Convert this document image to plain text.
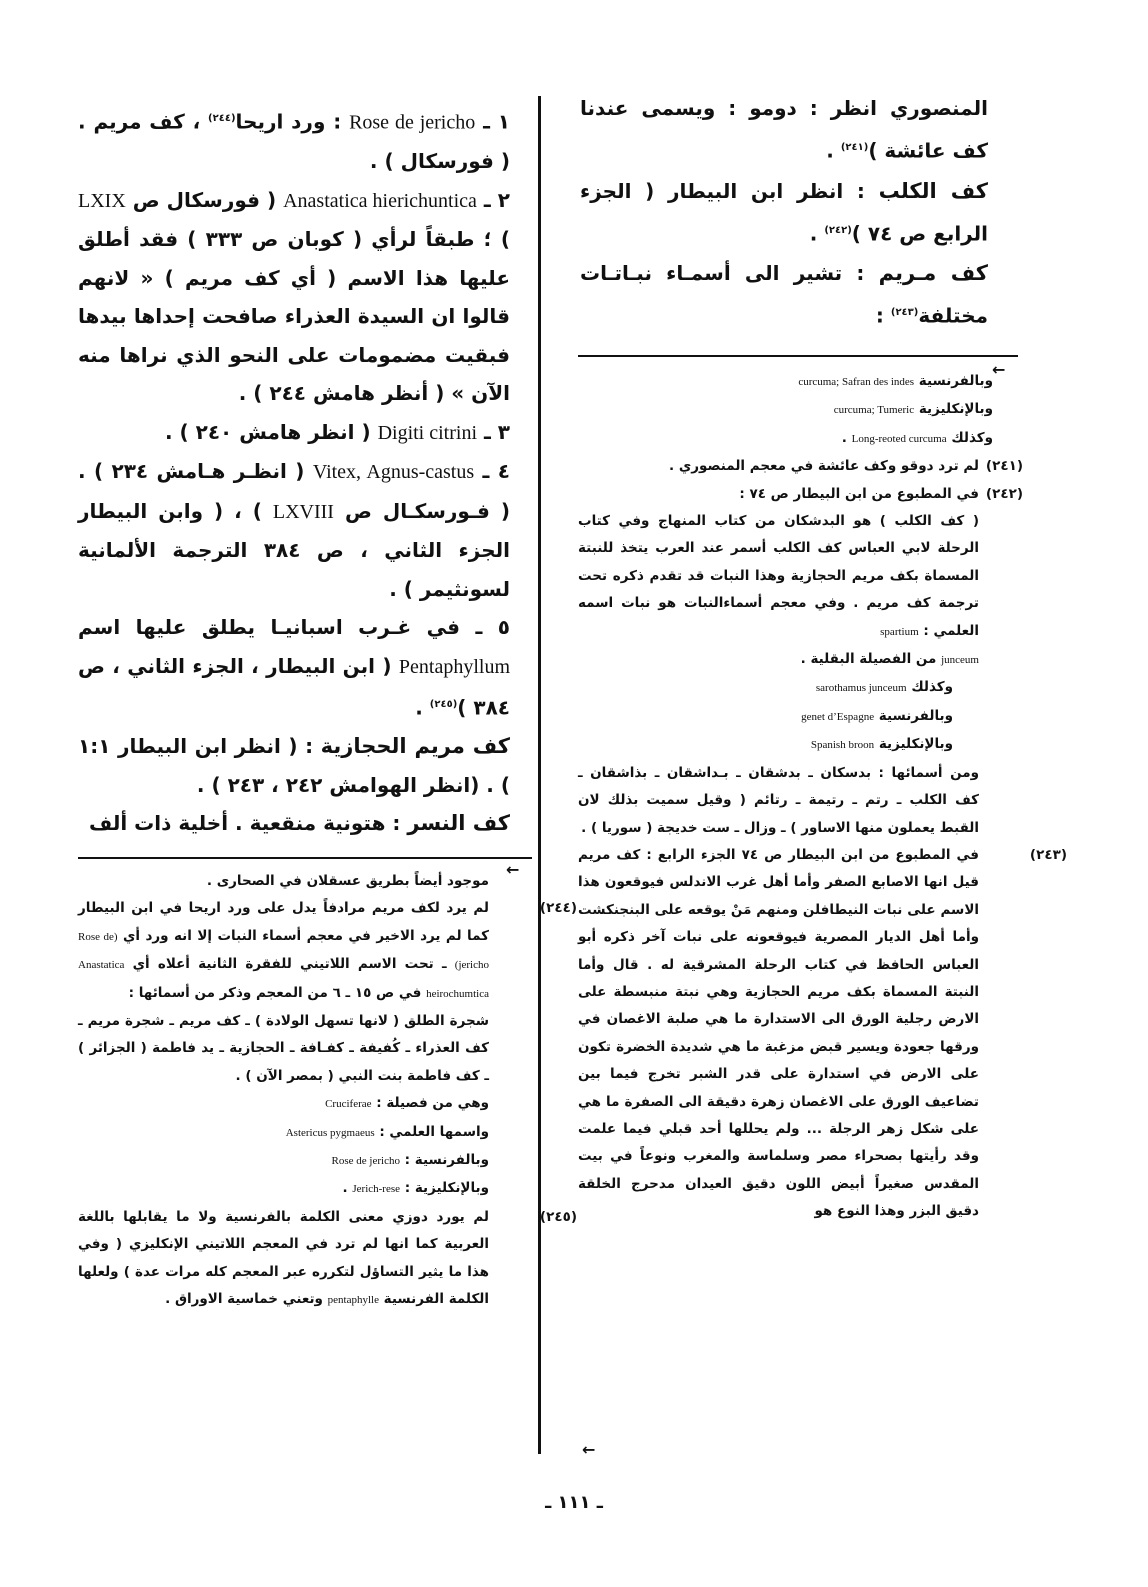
المنصوري انظر : دومو : ويسمى عندنا كف عائشة )$^{(٢٤١)}$ .

كف الكلب : انظر ابن البيطار ( الجزء الرابع ص ٧٤ )$^{(٢٤٢)}$ .

كف مـريم : تشير الى أسمـاء نبـاتـات مختلفة$^{(٢٤٣)}$ :

←

وبالفرنسية curcuma; Safran des indes

وبالإنكليزية curcuma; Tumeric

وكذلك Long-reoted curcuma .

(٢٤١)لم ترد دوقو وكف عائشة في معجم المنصوري .

(٢٤٢)في المطبوع من ابن البيطار ص ٧٤ :

( كف الكلب ) هو البدشكان من كتاب المنهاج وفي كتاب الرحلة لابي العباس كف الكلب أسمر عند العرب يتخذ للنبتة المسماة بكف مريم الحجازية وهذا النبات قد تقدم ذكره تحت ترجمة كف مريم . وفي معجم أسماءالنبات هو نبات اسمه العلمي : spartium

junceum من الفصيلة البقلية .

وكذلك sarothamus junceum

وبالفرنسية genet d’Espagne

وبالإنكليزية Spanish broon

ومن أسمائها : بدسكان ـ بدشقان ـ بـداشقان ـ بذاشقان ـ كف الكلب ـ رتم ـ رتيمة ـ رتائم ( وقيل سميت بذلك لان القبط يعملون منها الاساور ) ـ وزال ـ ست خديجة ( سوريا ) .

(٢٤٣)في المطبوع من ابن البيطار ص ٧٤ الجزء الرابع : كف مريم قيل انها الاصابع الصفر وأما أهل غرب الاندلس فيوقعون هذا الاسم على نبات النيطافلن ومنهم مَنْ يوقعه على البنجنكشت وأما أهل الديار المصرية فيوقعونه على نبات آخر ذكره أبو العباس الحافظ في كتاب الرحلة المشرقية له . قال وأما النبتة المسماة بكف مريم الحجازية وهي نبتة منبسطة على الارض رجلية الورق الى الاستدارة ما هي صلبة الاغصان في ورقها جعودة ويسير قبض مزغبة ما هي شديدة الخضرة تكون على الارض في استدارة على قدر الشبر تخرج فيما بين تضاعيف الورق على الاغصان زهرة دقيقة الى الصفرة ما هي على شكل زهر الرجلة ... ولم يحللها أحد قبلي فيما علمت وقد رأيتها بصحراء مصر وسلماسة والمغرب ونوعاً في بيت المقدس صغيراً أبيض اللون دقيق العيدان مدحرج الخلقة دقيق البزر وهذا النوع هو

←

١ ـ Rose de jericho : ورد اريحا$^{(٢٤٤)}$ ، كف مريم . ( فورسكال ) .

٢ ـ Anastatica hierichuntica ( فورسكال ص LXIX ) ؛ طبقاً لرأي ( كوبان ص ٣٣٣ ) فقد أطلق عليها هذا الاسم ( أي كف مريم ) « لانهم قالوا ان السيدة العذراء صافحت إحداها بيدها فبقيت مضمومات على النحو الذي نراها منه الآن » ( أنظر هامش ٢٤٤ ) .

٣ ـ Digiti citrini ( انظر هامش ٢٤٠ ) .

٤ ـ Vitex, Agnus-castus ( انظـر هـامش ٢٣٤ ) . ( فـورسكـال ص LXVIII ) ، ( وابن البيطار الجزء الثاني ، ص ٣٨٤ الترجمة الألمانية لسونثيمر ) .

٥ ـ في غـرب اسبانيـا يطلق عليها اسم Pentaphyllum ( ابن البيطار ، الجزء الثاني ، ص ٣٨٤ )$^{(٢٤٥)}$ .

كف مريم الحجازية : ( انظر ابن البيطار ١:١ ) . (انظر الهوامش ٢٤٢ ، ٢٤٣ ) .

كف النسر : هتونية منقعية . أخلية ذات ألف

←

موجود أيضاً بطريق عسقلان في الصحارى .

(٢٤٤)لم يرد لكف مريم مرادفاً يدل على ورد اريحا في ابن البيطار كما لم يرد الاخير في معجم أسماء النبات إلا انه ورد أي (Rose de jericho) ـ تحت الاسم اللاتيني للفقرة الثانية أعلاه أي Anastatica heirochumtica في ص ١٥ ـ ٦ من المعجم وذكر من أسمائها :

شجرة الطلق ( لانها تسهل الولادة ) ـ كف مريم ـ شجرة مريم ـ كف العذراء ـ كُفيفة ـ كفـافة ـ الحجازية ـ يد فاطمة ( الجزائر ) ـ كف فاطمة بنت النبي ( بمصر الآن ) .

وهي من فصيلة : Cruciferae

واسمها العلمي : Astericus pygmaeus

وبالفرنسية : Rose de jericho

وبالإنكليزية : Jerich-rese .

(٢٤٥)لم يورد دوزي معنى الكلمة بالفرنسية ولا ما يقابلها باللغة العربية كما انها لم ترد في المعجم اللاتيني الإنكليزي ( وفي هذا ما يثير التساؤل لتكرره عبر المعجم كله مرات عدة ) ولعلها الكلمة الفرنسية pentaphylle وتعني خماسية الاوراق .

ـ ١١١ ـ
